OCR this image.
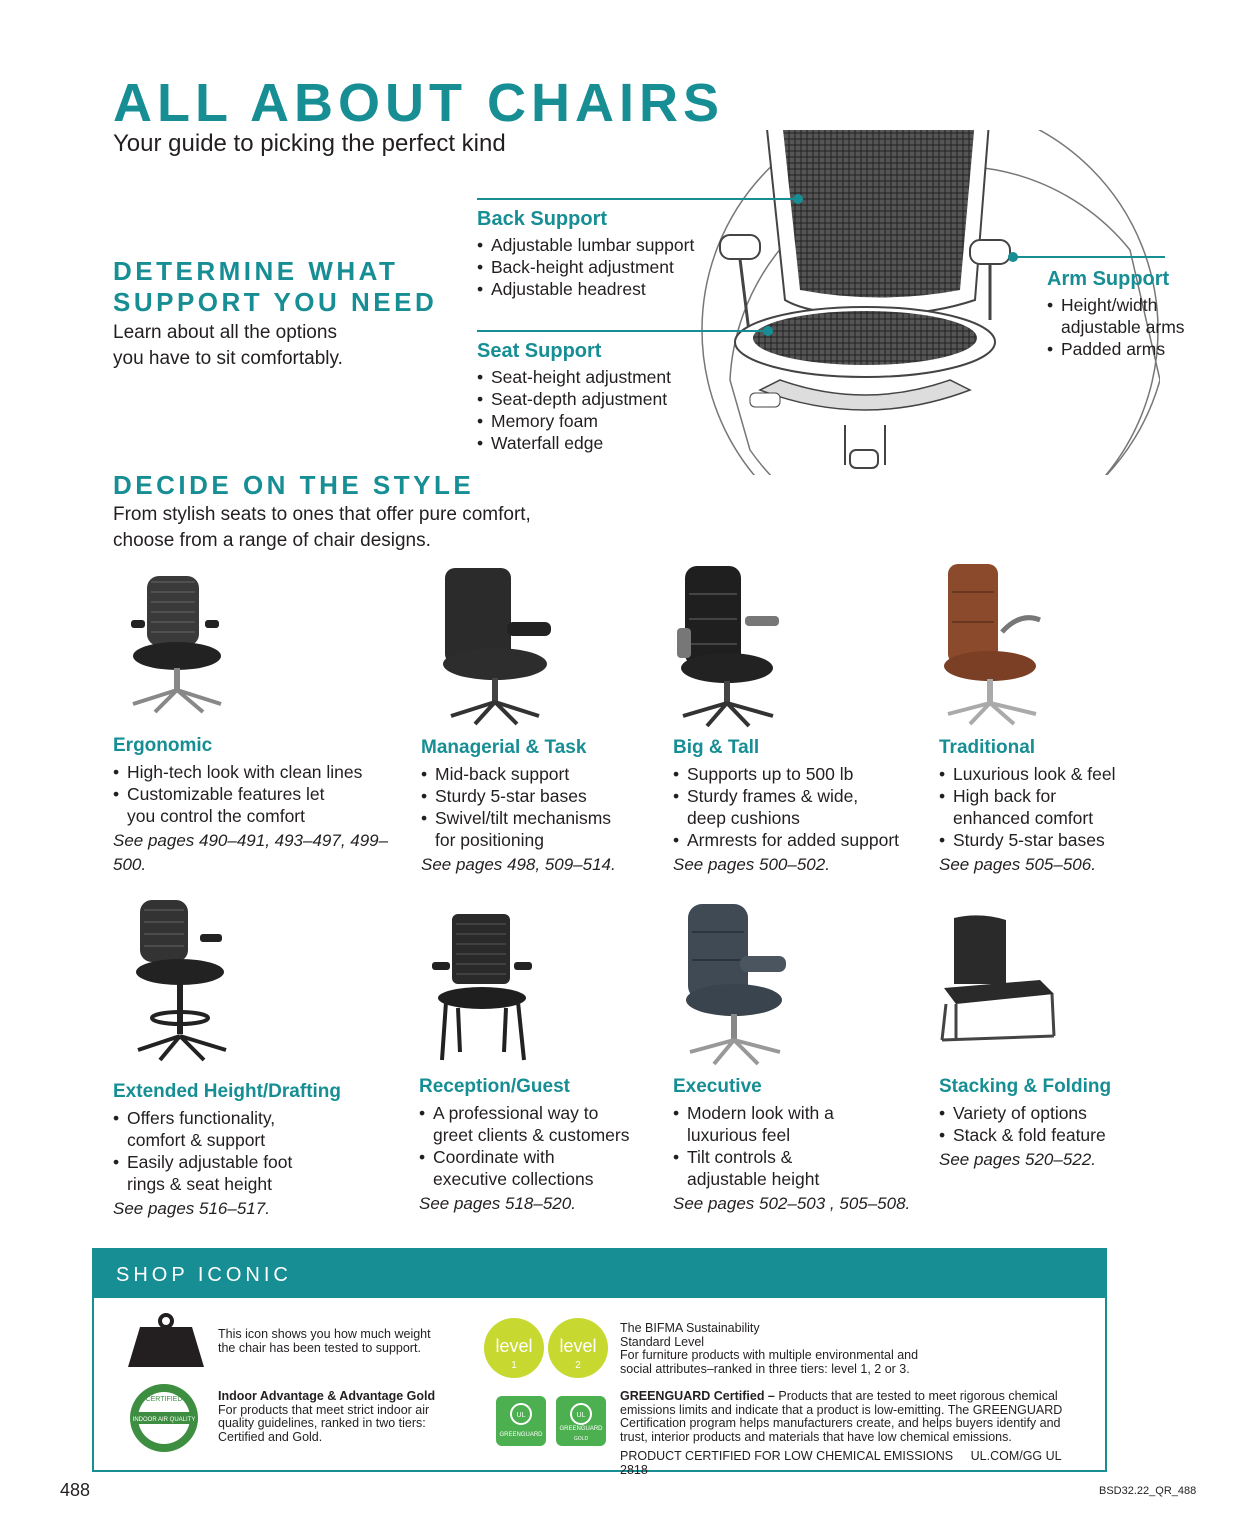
ALL ABOUT CHAIRS
Your guide to picking the perfect kind
DETERMINE WHAT
SUPPORT YOU NEED
Learn about all the options
you have to sit comfortably.
Back Support
• Adjustable lumbar support
• Back-height adjustment
• Adjustable headrest
Seat Support
• Seat-height adjustment
• Seat-depth adjustment
• Memory foam
• Waterfall edge
Arm Support
• Height/width adjustable arms
• Padded arms
DECIDE ON THE STYLE
From stylish seats to ones that offer pure comfort,
choose from a range of chair designs.
Ergonomic
• High-tech look with clean lines
• Customizable features let you control the comfort
See pages 490–491, 493–497, 499–500.
Managerial & Task
• Mid-back support
• Sturdy 5-star bases
• Swivel/tilt mechanisms for positioning
See pages 498, 509–514.
Big & Tall
• Supports up to 500 lb
• Sturdy frames & wide, deep cushions
• Armrests for added support
See pages 500–502.
Traditional
• Luxurious look & feel
• High back for enhanced comfort
• Sturdy 5-star bases
See pages 505–506.
Extended Height/Drafting
• Offers functionality, comfort & support
• Easily adjustable foot rings & seat height
See pages 516–517.
Reception/Guest
• A professional way to greet clients & customers
• Coordinate with executive collections
See pages 518–520.
Executive
• Modern look with a luxurious feel
• Tilt controls & adjustable height
See pages 502–503 , 505–508.
Stacking & Folding
• Variety of options
• Stack & fold feature
See pages 520–522.
SHOP ICONIC
This icon shows you how much weight
the chair has been tested to support.
CERTIFIED
INDOOR AIR QUALITY
Indoor Advantage & Advantage Gold
For products that meet strict indoor air
quality guidelines, ranked in two tiers:
Certified and Gold.
level
1
level
2
The BIFMA Sustainability
Standard Level
For furniture products with multiple environmental and
social attributes–ranked in three tiers: level 1, 2 or 3.
UL	UL
GREENGUARD
GREENGUARD
GOLD
GREENGUARD Certified – Products that are tested to meet rigorous chemical
emissions limits and indicate that a product is low-emitting. The GREENGUARD
Certification program helps manufacturers create, and helps buyers identify and
trust, interior products and materials that have low chemical emissions.
PRODUCT CERTIFIED FOR LOW CHEMICAL EMISSIONS UL.COM/GG UL 2818
488	BSD32.22_QR_488
